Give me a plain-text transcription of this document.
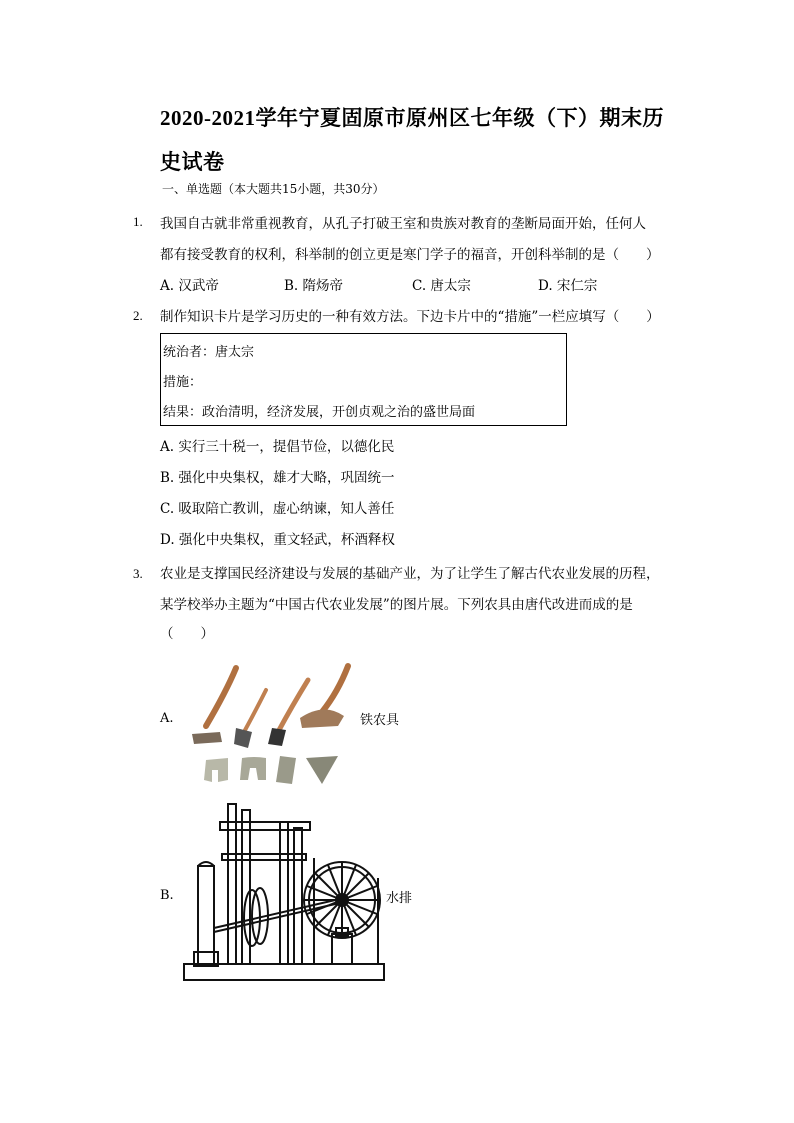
2020-2021学年宁夏固原市原州区七年级（下）期末历
史试卷
一、单选题（本大题共15小题，共30分）
1. 我国自古就非常重视教育，从孔子打破王室和贵族对教育的垄断局面开始，任何人
都有接受教育的权利，科举制的创立更是寒门学子的福音，开创科举制的是（　　）
A. 汉武帝	B. 隋炀帝	C. 唐太宗	D. 宋仁宗
2. 制作知识卡片是学习历史的一种有效方法。下边卡片中的“措施”一栏应填写（　　）
统治者：唐太宗
措施：
结果：政治清明，经济发展，开创贞观之治的盛世局面
A. 实行三十税一，提倡节俭，以德化民
B. 强化中央集权，雄才大略，巩固统一
C. 吸取陪亡教训，虚心纳谏，知人善任
D. 强化中央集权，重文轻武，杯酒释权
3. 农业是支撑国民经济建设与发展的基础产业，为了让学生了解古代农业发展的历程，
某学校举办主题为“中国古代农业发展”的图片展。下列农具由唐代改进而成的是
（　　）
A.	铁农具
B.	水排
